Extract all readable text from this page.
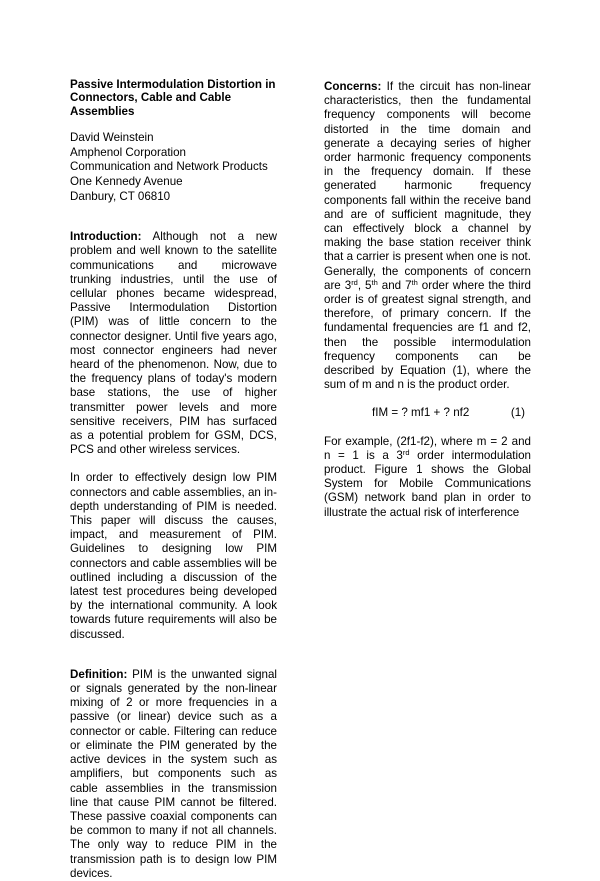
Passive Intermodulation Distortion in Connectors, Cable and Cable Assemblies
David Weinstein
Amphenol Corporation
Communication and Network Products
One Kennedy Avenue
Danbury, CT 06810

Introduction: Although not a new problem and well known to the satellite communications and microwave trunking industries, until the use of cellular phones became widespread, Passive Intermodulation Distortion (PIM) was of little concern to the connector designer. Until five years ago, most connector engineers had never heard of the phenomenon. Now, due to the frequency plans of today's modern base stations, the use of higher transmitter power levels and more sensitive receivers, PIM has surfaced as a potential problem for GSM, DCS, PCS and other wireless services.

In order to effectively design low PIM connectors and cable assemblies, an in-depth understanding of PIM is needed. This paper will discuss the causes, impact, and measurement of PIM. Guidelines to designing low PIM connectors and cable assemblies will be outlined including a discussion of the latest test procedures being developed by the international community. A look towards future requirements will also be discussed.

Definition: PIM is the unwanted signal or signals generated by the non-linear mixing of 2 or more frequencies in a passive (or linear) device such as a connector or cable. Filtering can reduce or eliminate the PIM generated by the active devices in the system such as amplifiers, but components such as cable assemblies in the transmission line that cause PIM cannot be filtered. These passive coaxial components can be common to many if not all channels. The only way to reduce PIM in the transmission path is to design low PIM devices.

Concerns: If the circuit has non-linear characteristics, then the fundamental frequency components will become distorted in the time domain and generate a decaying series of higher order harmonic frequency components in the frequency domain. If these generated harmonic frequency components fall within the receive band and are of sufficient magnitude, they can effectively block a channel by making the base station receiver think that a carrier is present when one is not. Generally, the components of concern are 3rd, 5th and 7th order where the third order is of greatest signal strength, and therefore, of primary concern. If the fundamental frequencies are f1 and f2, then the possible intermodulation frequency components can be described by Equation (1), where the sum of m and n is the product order.

fIM = ? mf1 + ? nf2	(1)

For example, (2f1-f2), where m = 2 and n = 1 is a 3rd order intermodulation product. Figure 1 shows the Global System for Mobile Communications (GSM) network band plan in order to illustrate the actual risk of interference
